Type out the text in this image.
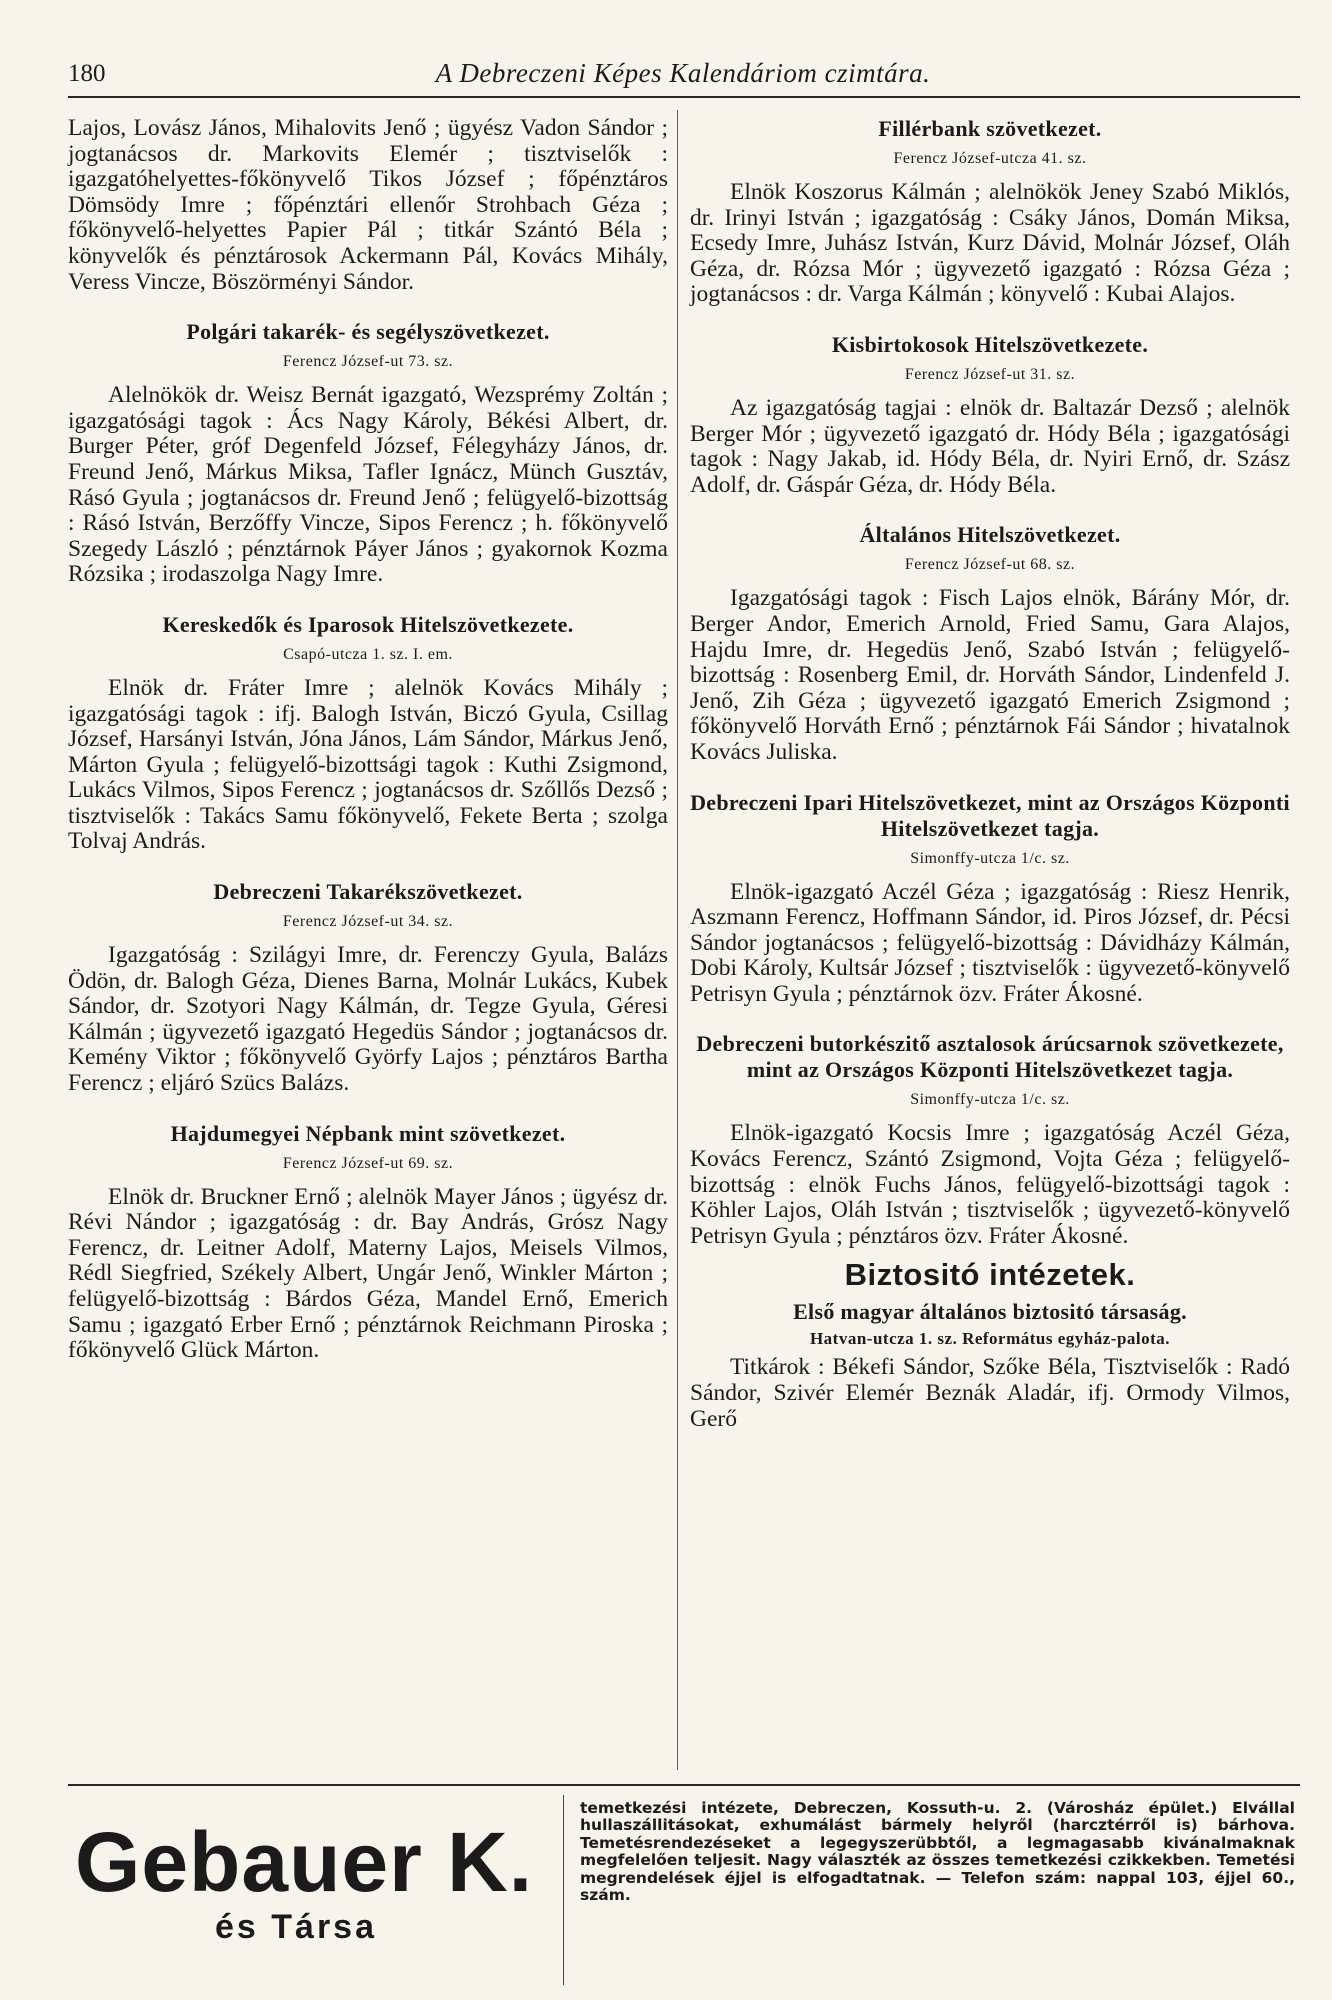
180	A Debreczeni Képes Kalendáriom czimtára.

Lajos, Lovász János, Mihalovits Jenő ; ügyész Vadon Sándor ; jogtanácsos dr. Markovits Elemér ; tisztviselők : igazgatóhelyettes-főkönyvelő Tikos József ; főpénztáros Dömsödy Imre ; főpénztári ellenőr Strohbach Géza ; főkönyvelő-helyettes Papier Pál ; titkár Szántó Béla ; könyvelők és pénztárosok Ackermann Pál, Kovács Mihály, Veress Vincze, Böszörményi Sándor.

Polgári takarék- és segélyszövetkezet.

Ferencz József-ut 73. sz.

Alelnökök dr. Weisz Bernát igazgató, Wezsprémy Zoltán ; igazgatósági tagok : Ács Nagy Károly, Békési Albert, dr. Burger Péter, gróf Degenfeld József, Félegyházy János, dr. Freund Jenő, Márkus Miksa, Tafler Ignácz, Münch Gusztáv, Rásó Gyula ; jogtanácsos dr. Freund Jenő ; felügyelő-bizottság : Rásó István, Berzőffy Vincze, Sipos Ferencz ; h. főkönyvelő Szegedy László ; pénztárnok Páyer János ; gyakornok Kozma Rózsika ; irodaszolga Nagy Imre.

Kereskedők és Iparosok Hitelszövetkezete.

Csapó-utcza 1. sz. I. em.

Elnök dr. Fráter Imre ; alelnök Kovács Mihály ; igazgatósági tagok : ifj. Balogh István, Biczó Gyula, Csillag József, Harsányi István, Jóna János, Lám Sándor, Márkus Jenő, Márton Gyula ; felügyelő-bizottsági tagok : Kuthi Zsigmond, Lukács Vilmos, Sipos Ferencz ; jogtanácsos dr. Szőllős Dezső ; tisztviselők : Takács Samu főkönyvelő, Fekete Berta ; szolga Tolvaj András.

Debreczeni Takarékszövetkezet.

Ferencz József-ut 34. sz.

Igazgatóság : Szilágyi Imre, dr. Ferenczy Gyula, Balázs Ödön, dr. Balogh Géza, Dienes Barna, Molnár Lukács, Kubek Sándor, dr. Szotyori Nagy Kálmán, dr. Tegze Gyula, Géresi Kálmán ; ügyvezető igazgató Hegedüs Sándor ; jogtanácsos dr. Kemény Viktor ; főkönyvelő Györfy Lajos ; pénztáros Bartha Ferencz ; eljáró Szücs Balázs.

Hajdumegyei Népbank mint szövetkezet.

Ferencz József-ut 69. sz.

Elnök dr. Bruckner Ernő ; alelnök Mayer János ; ügyész dr. Révi Nándor ; igazgatóság : dr. Bay András, Grósz Nagy Ferencz, dr. Leitner Adolf, Materny Lajos, Meisels Vilmos, Rédl Siegfried, Székely Albert, Ungár Jenő, Winkler Márton ; felügyelő-bizottság : Bárdos Géza, Mandel Ernő, Emerich Samu ; igazgató Erber Ernő ; pénztárnok Reichmann Piroska ; főkönyvelő Glück Márton.

Fillérbank szövetkezet.

Ferencz József-utcza 41. sz.

Elnök Koszorus Kálmán ; alelnökök Jeney Szabó Miklós, dr. Irinyi István ; igazgatóság : Csáky János, Domán Miksa, Ecsedy Imre, Juhász István, Kurz Dávid, Molnár József, Oláh Géza, dr. Rózsa Mór ; ügyvezető igazgató : Rózsa Géza ; jogtanácsos : dr. Varga Kálmán ; könyvelő : Kubai Alajos.

Kisbirtokosok Hitelszövetkezete.

Ferencz József-ut 31. sz.

Az igazgatóság tagjai : elnök dr. Baltazár Dezső ; alelnök Berger Mór ; ügyvezető igazgató dr. Hódy Béla ; igazgatósági tagok : Nagy Jakab, id. Hódy Béla, dr. Nyiri Ernő, dr. Szász Adolf, dr. Gáspár Géza, dr. Hódy Béla.

Általános Hitelszövetkezet.

Ferencz József-ut 68. sz.

Igazgatósági tagok : Fisch Lajos elnök, Bárány Mór, dr. Berger Andor, Emerich Arnold, Fried Samu, Gara Alajos, Hajdu Imre, dr. Hegedüs Jenő, Szabó István ; felügyelő-bizottság : Rosenberg Emil, dr. Horváth Sándor, Lindenfeld J. Jenő, Zih Géza ; ügyvezető igazgató Emerich Zsigmond ; főkönyvelő Horváth Ernő ; pénztárnok Fái Sándor ; hivatalnok Kovács Juliska.

Debreczeni Ipari Hitelszövetkezet, mint az Országos Központi Hitelszövetkezet tagja.

Simonffy-utcza 1/c. sz.

Elnök-igazgató Aczél Géza ; igazgatóság : Riesz Henrik, Aszmann Ferencz, Hoffmann Sándor, id. Piros József, dr. Pécsi Sándor jogtanácsos ; felügyelő-bizottság : Dávidházy Kálmán, Dobi Károly, Kultsár József ; tisztviselők : ügyvezető-könyvelő Petrisyn Gyula ; pénztárnok özv. Fráter Ákosné.

Debreczeni butorkészitő asztalosok árúcsarnok szövetkezete, mint az Országos Központi Hitelszövetkezet tagja.

Simonffy-utcza 1/c. sz.

Elnök-igazgató Kocsis Imre ; igazgatóság Aczél Géza, Kovács Ferencz, Szántó Zsigmond, Vojta Géza ; felügyelő-bizottság : elnök Fuchs János, felügyelő-bizottsági tagok : Köhler Lajos, Oláh István ; tisztviselők ; ügyvezető-könyvelő Petrisyn Gyula ; pénztáros özv. Fráter Ákosné.

Biztositó intézetek.

Első magyar általános biztositó társaság.

Hatvan-utcza 1. sz. Református egyház-palota.

Titkárok : Békefi Sándor, Szőke Béla, Tisztviselők : Radó Sándor, Szivér Elemér Beznák Aladár, ifj. Ormody Vilmos, Gerő

Gebauer K.
és Társa
temetkezési intézete, Debreczen, Kossuth-u. 2. (Városház épület.) Elvállal hullaszállitásokat, exhumálást bármely helyről (harcztérről is) bárhova. Temetésrendezéseket a legegyszerübbtől, a legmagasabb kivánalmaknak megfelelően teljesit. Nagy választék az összes temetkezési czikkekben. Temetési megrendelések éjjel is elfogadtatnak. — Telefon szám: nappal 103, éjjel 60., szám.
